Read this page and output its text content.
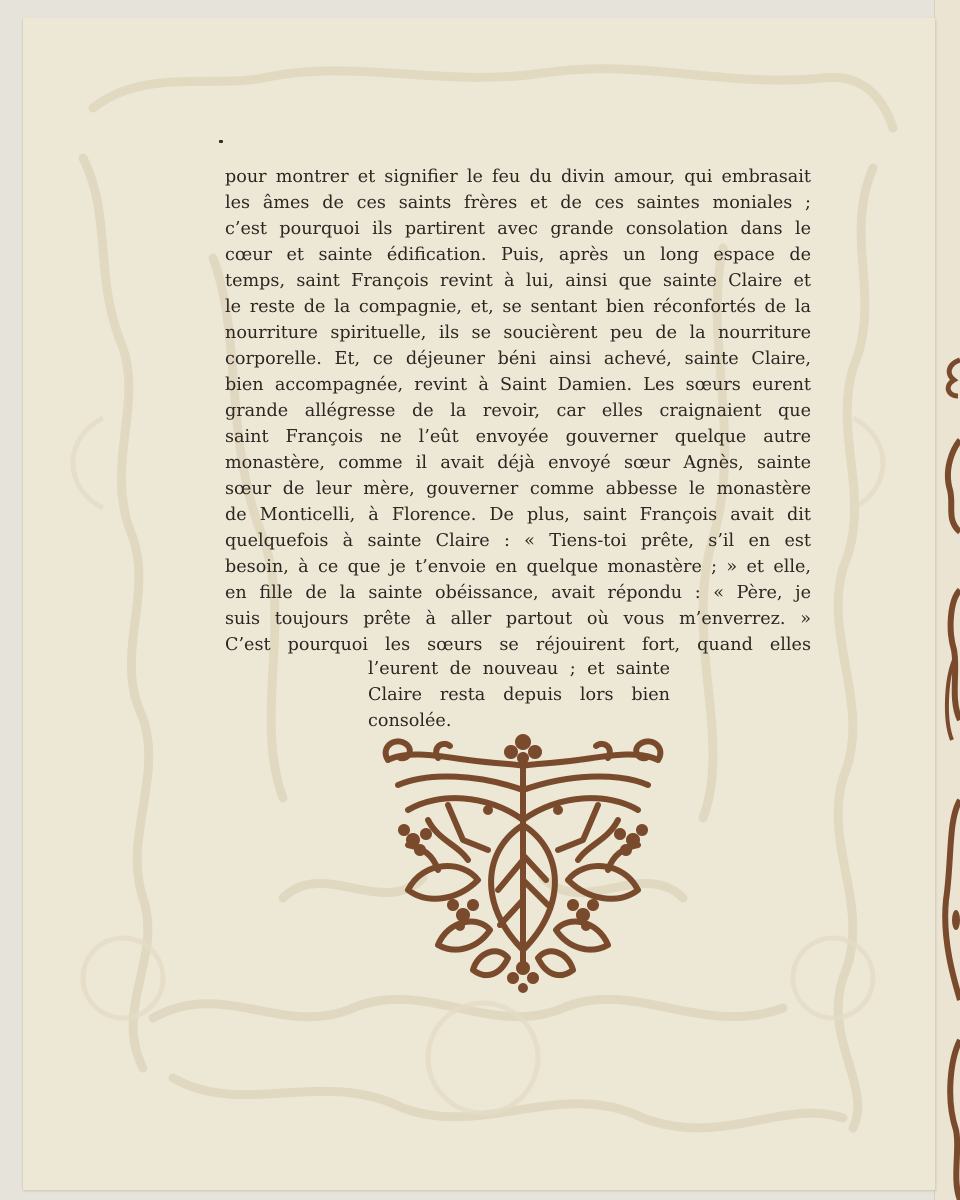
pour montrer et signifier le feu du divin amour, qui embrasait
les âmes de ces saints frères et de ces saintes moniales ;
c’est pourquoi ils partirent avec grande consolation dans le
cœur et sainte édification. Puis, après un long espace de
temps, saint François revint à lui, ainsi que sainte Claire et
le reste de la compagnie, et, se sentant bien réconfortés de la
nourriture spirituelle, ils se soucièrent peu de la nourriture
corporelle. Et, ce déjeuner béni ainsi achevé, sainte Claire,
bien accompagnée, revint à Saint Damien. Les sœurs eurent
grande allégresse de la revoir, car elles craignaient que
saint François ne l’eût envoyée gouverner quelque autre
monastère, comme il avait déjà envoyé sœur Agnès, sainte
sœur de leur mère, gouverner comme abbesse le monastère
de Monticelli, à Florence. De plus, saint François avait dit
quelquefois à sainte Claire : « Tiens-toi prête, s’il en est
besoin, à ce que je t’envoie en quelque monastère ; » et elle,
en fille de la sainte obéissance, avait répondu : « Père, je
suis toujours prête à aller partout où vous m’enverrez. »
C’est pourquoi les sœurs se réjouirent fort, quand elles
l’eurent de nouveau ; et sainte
Claire resta depuis lors bien
consolée.
